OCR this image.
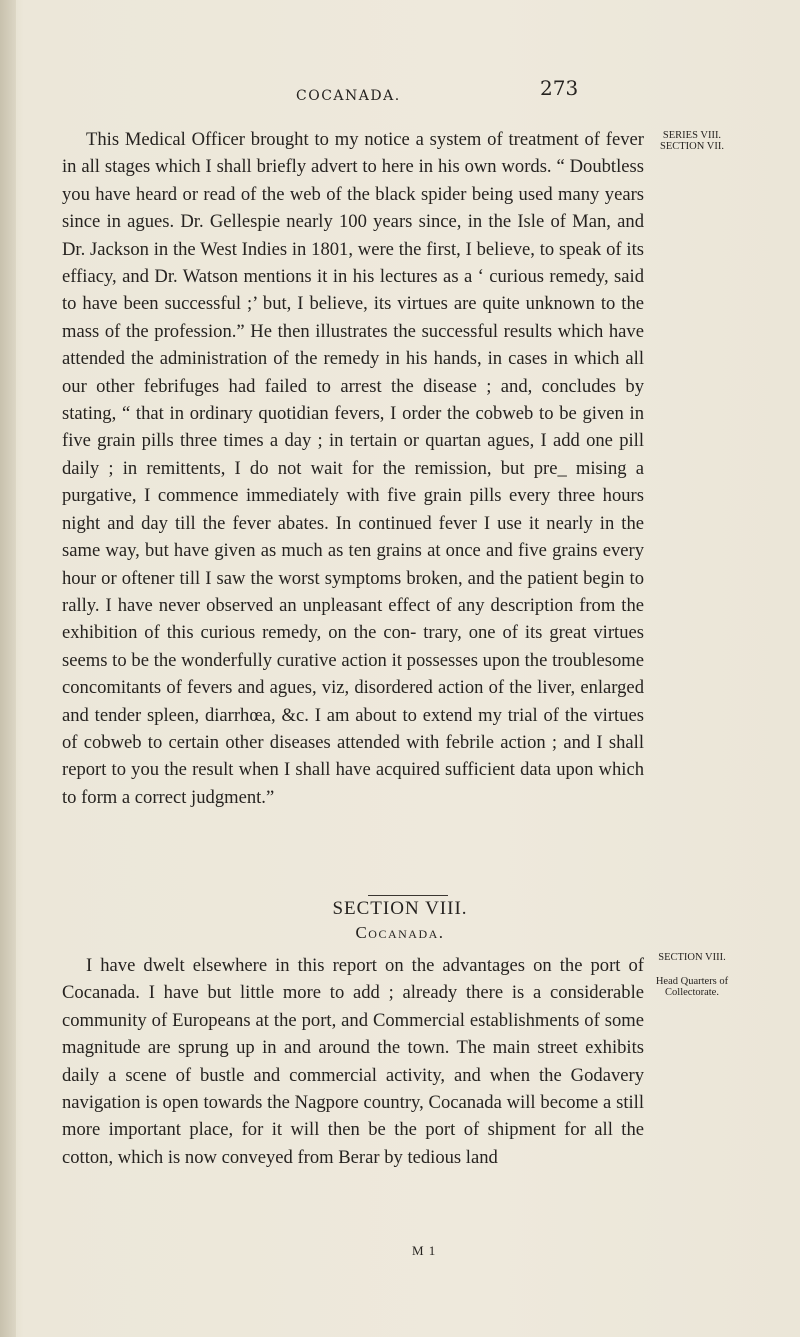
COCANADA.	273
SERIES VIII. SECTION VII.

This Medical Officer brought to my notice a system of treatment of fever in all stages which I shall briefly advert to here in his own words. “ Doubtless you have heard or read of the web of the black spider being used many years since in agues. Dr. Gellespie nearly 100 years since, in the Isle of Man, and Dr. Jackson in the West Indies in 1801, were the first, I believe, to speak of its effiacy, and Dr. Watson mentions it in his lectures as a ‘ curious remedy, said to have been successful ;’ but, I believe, its virtues are quite unknown to the mass of the profession.” He then illustrates the successful results which have attended the administration of the remedy in his hands, in cases in which all our other febrifuges had failed to arrest the disease ; and, concludes by stating, “ that in ordinary quotidian fevers, I order the cobweb to be given in five grain pills three times a day ; in tertain or quartan agues, I add one pill daily ; in remittents, I do not wait for the remission, but pre_ mising a purgative, I commence immediately with five grain pills every three hours night and day till the fever abates. In continued fever I use it nearly in the same way, but have given as much as ten grains at once and five grains every hour or oftener till I saw the worst symptoms broken, and the patient begin to rally. I have never observed an unpleasant effect of any description from the exhibition of this curious remedy, on the con- trary, one of its great virtues seems to be the wonderfully curative action it possesses upon the troublesome concomitants of fevers and agues, viz, disordered action of the liver, enlarged and tender spleen, diarrhœa, &c. I am about to extend my trial of the virtues of cobweb to certain other diseases attended with febrile action ; and I shall report to you the result when I shall have acquired sufficient data upon which to form a correct judgment.”

SECTION VIII.
Cocanada.
SECTION VIII.
Head Quarters of Collectorate.

I have dwelt elsewhere in this report on the advantages on the port of Cocanada. I have but little more to add ; already there is a considerable community of Europeans at the port, and Commercial establishments of some magnitude are sprung up in and around the town. The main street exhibits daily a scene of bustle and commercial activity, and when the Godavery navigation is open towards the Nagpore country, Cocanada will become a still more important place, for it will then be the port of shipment for all the cotton, which is now conveyed from Berar by tedious land

M 1
